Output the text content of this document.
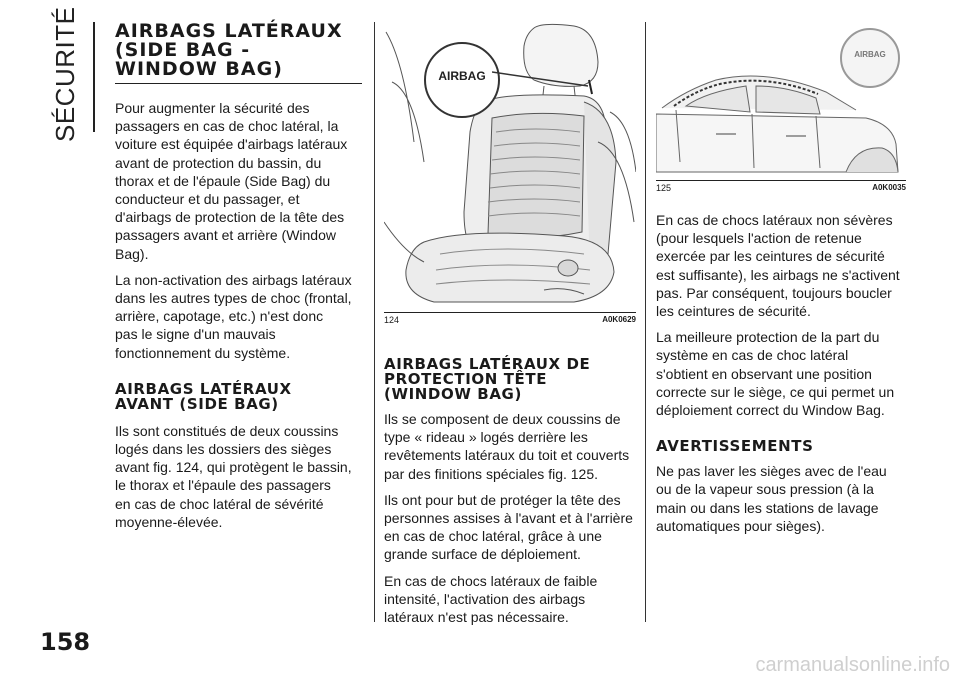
SÉCURITÉ AIRBAGS LATÉRAUX
(SIDE BAG -
WINDOW BAG)
Pour augmenter la sécurité des
passagers en cas de choc latéral, la
voiture est équipée d'airbags latéraux
avant de protection du bassin, du
thorax et de l'épaule (Side Bag) du
conducteur et du passager, et
d'airbags de protection de la tête des
passagers avant et arrière (Window
Bag).
La non-activation des airbags latéraux
dans les autres types de choc (frontal,
arrière, capotage, etc.) n'est donc
pas le signe d'un mauvais
fonctionnement du système.
AIRBAGS LATÉRAUX
AVANT (SIDE BAG)
Ils sont constitués de deux coussins
logés dans les dossiers des sièges
avant fig. 124, qui protègent le bassin,
le thorax et l'épaule des passagers
en cas de choc latéral de sévérité
moyenne-élevée.
AIRBAG
124	A0K0629
AIRBAGS LATÉRAUX DE
PROTECTION TÊTE
(WINDOW BAG)
Ils se composent de deux coussins de
type « rideau » logés derrière les
revêtements latéraux du toit et couverts
par des finitions spéciales fig. 125.
Ils ont pour but de protéger la tête des
personnes assises à l'avant et à l'arrière
en cas de choc latéral, grâce à une
grande surface de déploiement.
En cas de chocs latéraux de faible
intensité, l'activation des airbags
latéraux n'est pas nécessaire.
AIRBAG
125	A0K0035
En cas de chocs latéraux non sévères
(pour lesquels l'action de retenue
exercée par les ceintures de sécurité
est suffisante), les airbags ne s'activent
pas. Par conséquent, toujours boucler
les ceintures de sécurité.
La meilleure protection de la part du
système en cas de choc latéral
s'obtient en observant une position
correcte sur le siège, ce qui permet un
déploiement correct du Window Bag.
AVERTISSEMENTS
Ne pas laver les sièges avec de l'eau
ou de la vapeur sous pression (à la
main ou dans les stations de lavage
automatiques pour sièges).
158
carmanualsonline.info
